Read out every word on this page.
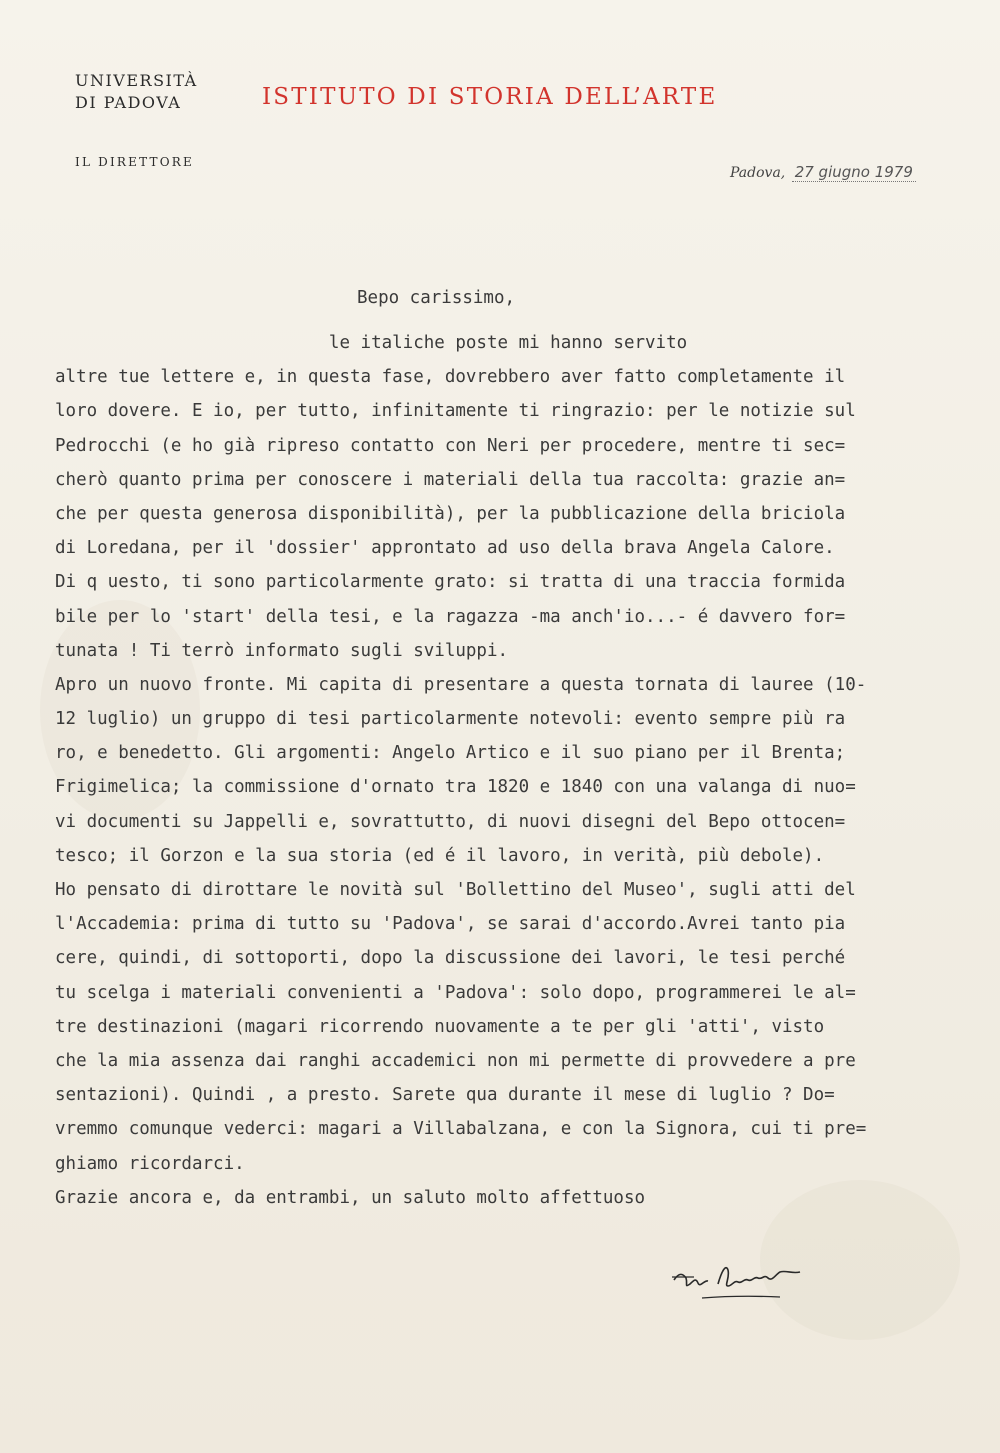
UNIVERSITÀ
DI PADOVA	ISTITUTO DI STORIA DELL’ARTE
IL DIRETTORE
Padova, 27 giugno 1979
Bepo carissimo,
le italiche poste mi hanno servito
altre tue lettere e, in questa fase, dovrebbero aver fatto completamente il
loro dovere. E io, per tutto, infinitamente ti ringrazio: per le notizie sul
Pedrocchi (e ho già ripreso contatto con Neri per procedere, mentre ti sec=
cherò quanto prima per conoscere i materiali della tua raccolta: grazie an=
che per questa generosa disponibilità), per la pubblicazione della briciola
di Loredana, per il 'dossier' approntato ad uso della brava Angela Calore.
Di q uesto, ti sono particolarmente grato: si tratta di una traccia formida
bile per lo 'start' della tesi, e la ragazza -ma anch'io...- é davvero for=
tunata ! Ti terrò informato sugli sviluppi.
Apro un nuovo fronte. Mi capita di presentare a questa tornata di lauree (10-
12 luglio) un gruppo di tesi particolarmente notevoli: evento sempre più ra
ro, e benedetto. Gli argomenti: Angelo Artico e il suo piano per il Brenta;
Frigimelica; la commissione d'ornato tra 1820 e 1840 con una valanga di nuo=
vi documenti su Jappelli e, sovrattutto, di nuovi disegni del Bepo ottocen=
tesco; il Gorzon e la sua storia (ed é il lavoro, in verità, più debole).
Ho pensato di dirottare le novità sul 'Bollettino del Museo', sugli atti del
l'Accademia: prima di tutto su 'Padova', se sarai d'accordo.Avrei tanto pia
cere, quindi, di sottoporti, dopo la discussione dei lavori, le tesi perché
tu scelga i materiali convenienti a 'Padova': solo dopo, programmerei le al=
tre destinazioni (magari ricorrendo nuovamente a te per gli 'atti', visto
che la mia assenza dai ranghi accademici non mi permette di provvedere a pre
sentazioni). Quindi , a presto. Sarete qua durante il mese di luglio ? Do=
vremmo comunque vederci: magari a Villabalzana, e con la Signora, cui ti pre=
ghiamo ricordarci.
Grazie ancora e, da entrambi, un saluto molto affettuoso
